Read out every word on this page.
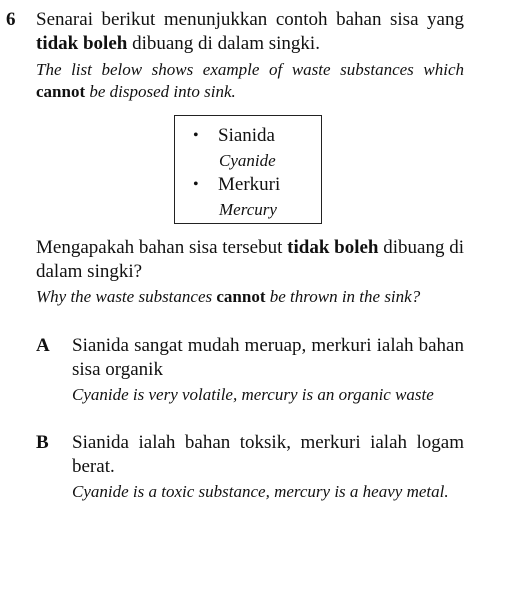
6 Senarai berikut menunjukkan contoh bahan sisa yang tidak boleh dibuang di dalam singki.
The list below shows example of waste substances which cannot be disposed into sink.
• Sianida
Cyanide
• Merkuri
Mercury
Mengapakah bahan sisa tersebut tidak boleh dibuang di dalam singki?
Why the waste substances cannot be thrown in the sink?
A Sianida sangat mudah meruap, merkuri ialah bahan sisa organik
Cyanide is very volatile, mercury is an organic waste
B Sianida ialah bahan toksik, merkuri ialah logam berat.
Cyanide is a toxic substance, mercury is a heavy metal.
